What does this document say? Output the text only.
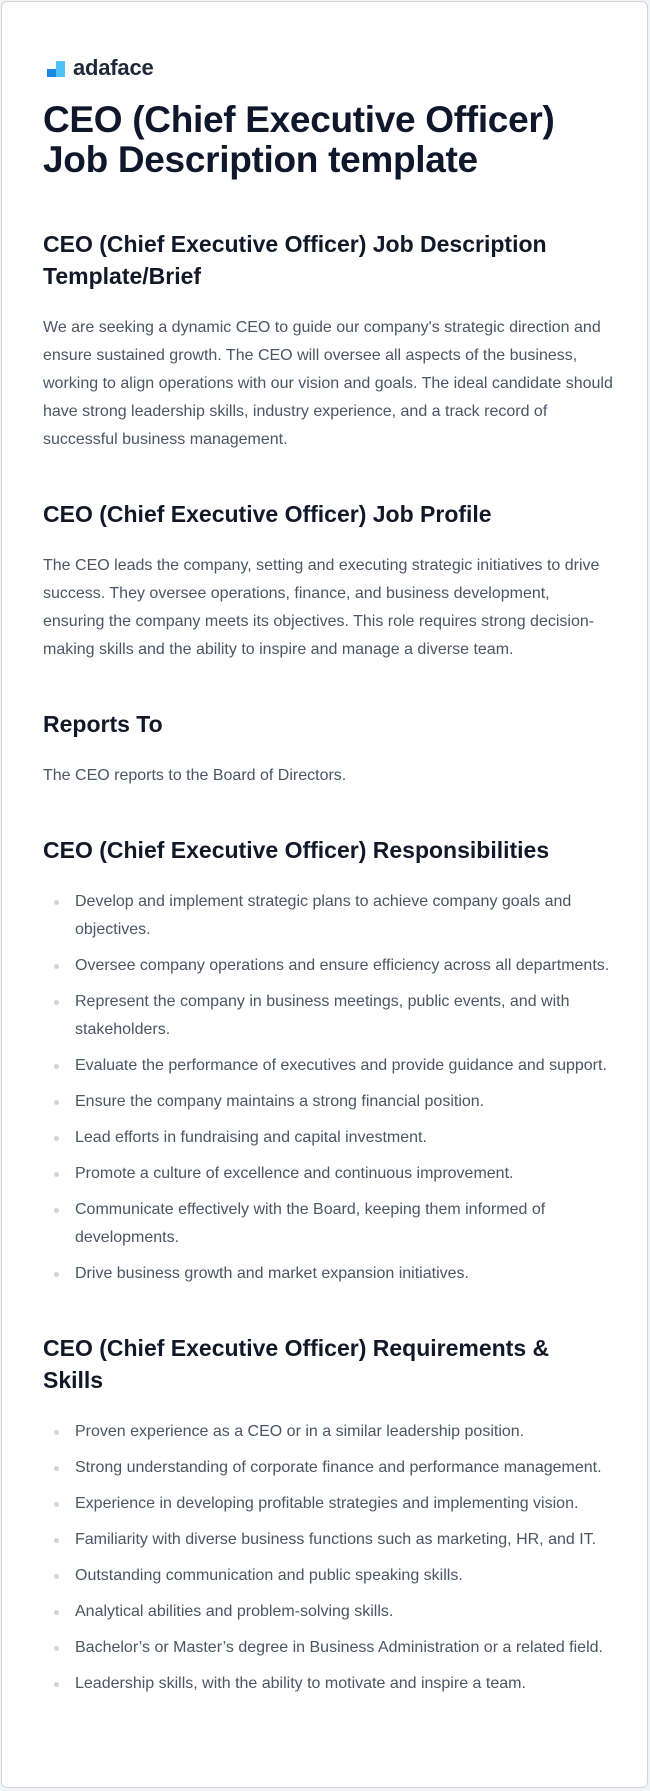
adaface
CEO (Chief Executive Officer) Job Description template
CEO (Chief Executive Officer) Job Description Template/Brief

We are seeking a dynamic CEO to guide our company's strategic direction and ensure sustained growth. The CEO will oversee all aspects of the business, working to align operations with our vision and goals. The ideal candidate should have strong leadership skills, industry experience, and a track record of successful business management.

CEO (Chief Executive Officer) Job Profile

The CEO leads the company, setting and executing strategic initiatives to drive success. They oversee operations, finance, and business development, ensuring the company meets its objectives. This role requires strong decision-making skills and the ability to inspire and manage a diverse team.

Reports To

The CEO reports to the Board of Directors.

CEO (Chief Executive Officer) Responsibilities
Develop and implement strategic plans to achieve company goals and objectives.
Oversee company operations and ensure efficiency across all departments.
Represent the company in business meetings, public events, and with stakeholders.
Evaluate the performance of executives and provide guidance and support.
Ensure the company maintains a strong financial position.
Lead efforts in fundraising and capital investment.
Promote a culture of excellence and continuous improvement.
Communicate effectively with the Board, keeping them informed of developments.
Drive business growth and market expansion initiatives.
CEO (Chief Executive Officer) Requirements & Skills
Proven experience as a CEO or in a similar leadership position.
Strong understanding of corporate finance and performance management.
Experience in developing profitable strategies and implementing vision.
Familiarity with diverse business functions such as marketing, HR, and IT.
Outstanding communication and public speaking skills.
Analytical abilities and problem-solving skills.
Bachelor’s or Master’s degree in Business Administration or a related field.
Leadership skills, with the ability to motivate and inspire a team.
